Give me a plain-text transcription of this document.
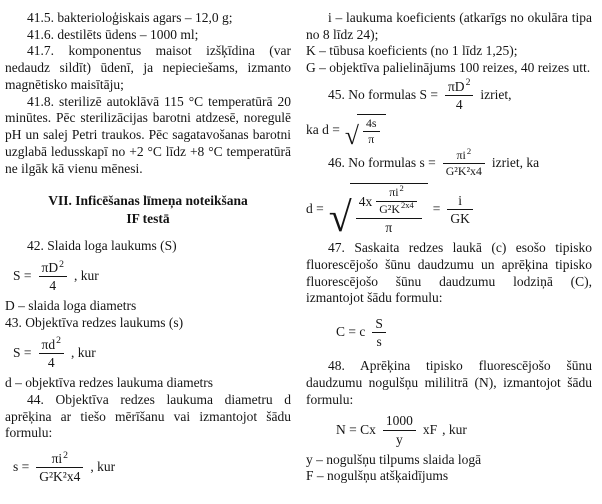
41.5. bakterioloģiskais agars – 12,0 g;

41.6. destilēts ūdens – 1000 ml;

41.7. komponentus maisot izšķīdina (var nedaudz sildīt) ūdenī, ja nepieciešams, izmanto magnētisko maisītāju;

41.8. sterilizē autoklāvā 115 °C temperatūrā 20 minūtes. Pēc sterilizācijas barotni atdzesē, noregulē pH un salej Petri traukos. Pēc sagatavošanas barotni uzglabā ledusskapī no +2 °C līdz +8 °C temperatūrā ne ilgāk kā vienu mēnesi.

VII. Inficēšanas līmeņa noteikšana
IF testā

42. Slaida loga laukums (S)

$S = \frac{\pi D^2}{4}$ , kur

D – slaida loga diametrs

43. Objektīva redzes laukums (s)

$S = \frac{\pi d^2}{4}$ , kur

d – objektīva redzes laukuma diametrs

44. Objektīva redzes laukuma diametru d aprēķina ar tiešo mērīšanu vai izmantojot šādu formulu:

$s = \frac{\pi i^2}{\text{G²K²x4}}$ , kur

i – laukuma koeficients (atkarīgs no okulāra tipa no 8 līdz 24);

K – tūbusa koeficients (no 1 līdz 1,25);

G – objektīva palielinājums 100 reizes, 40 reizes utt.

45. No formulas $S = \frac{\pi D^2}{4}$ izriet,
ka d = √ $\frac{4s}{\pi}$
46. No formulas $s = \frac{\pi i^2}{\text{G²K²x4}}$ izriet, ka
d = √ $4x \frac{\pi i^2}{G^2K^{2x4}}$
π
= $\frac{i}{GK}$

47. Saskaita redzes laukā (c) esošo tipisko fluorescējošo šūnu daudzumu un aprēķina tipisko fluorescējošo šūnu daudzumu lodziņā (C), izmantojot šādu formulu:

C = c $\frac{S}{s}$

48. Aprēķina tipisko fluorescējošo šūnu daudzumu nogulšņu mililitrā (N), izmantojot šādu formulu:

N = Cx $\frac{1000}{y}$ xF , kur

y – nogulšņu tilpums slaida logā

F – nogulšņu atšķaidījums
